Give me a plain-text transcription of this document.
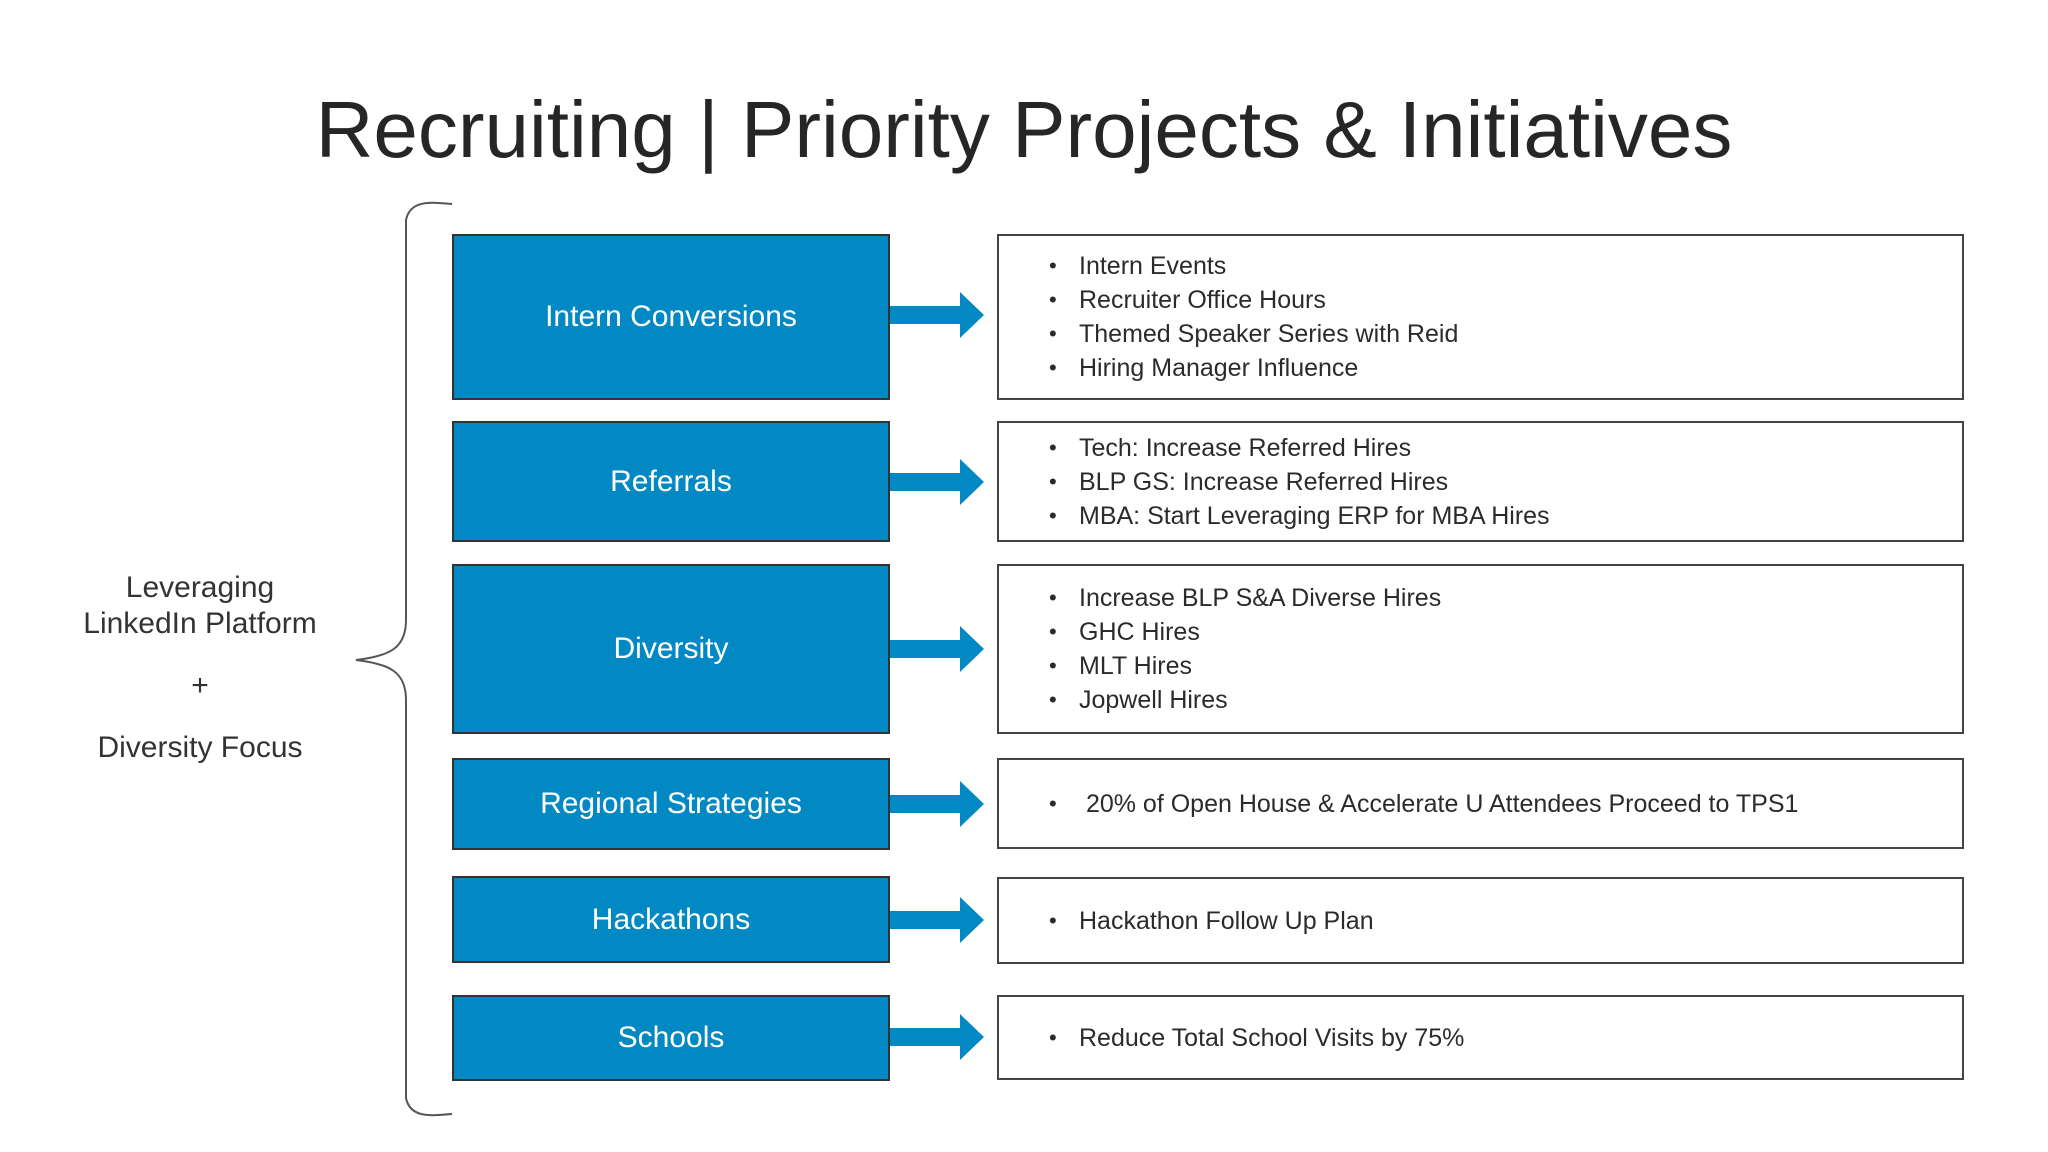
Recruiting | Priority Projects & Initiatives
Leveraging
LinkedIn Platform
+
Diversity Focus
Intern Conversions
• Intern Events
• Recruiter Office Hours
• Themed Speaker Series with Reid
• Hiring Manager Influence
Referrals
• Tech: Increase Referred Hires
• BLP GS: Increase Referred Hires
• MBA: Start Leveraging ERP for MBA Hires
Diversity
• Increase BLP S&A Diverse Hires
• GHC Hires
• MLT Hires
• Jopwell Hires
Regional Strategies	•  20% of Open House & Accelerate U Attendees Proceed to TPS1
Hackathons	• Hackathon Follow Up Plan
Schools	• Reduce Total School Visits by 75%
